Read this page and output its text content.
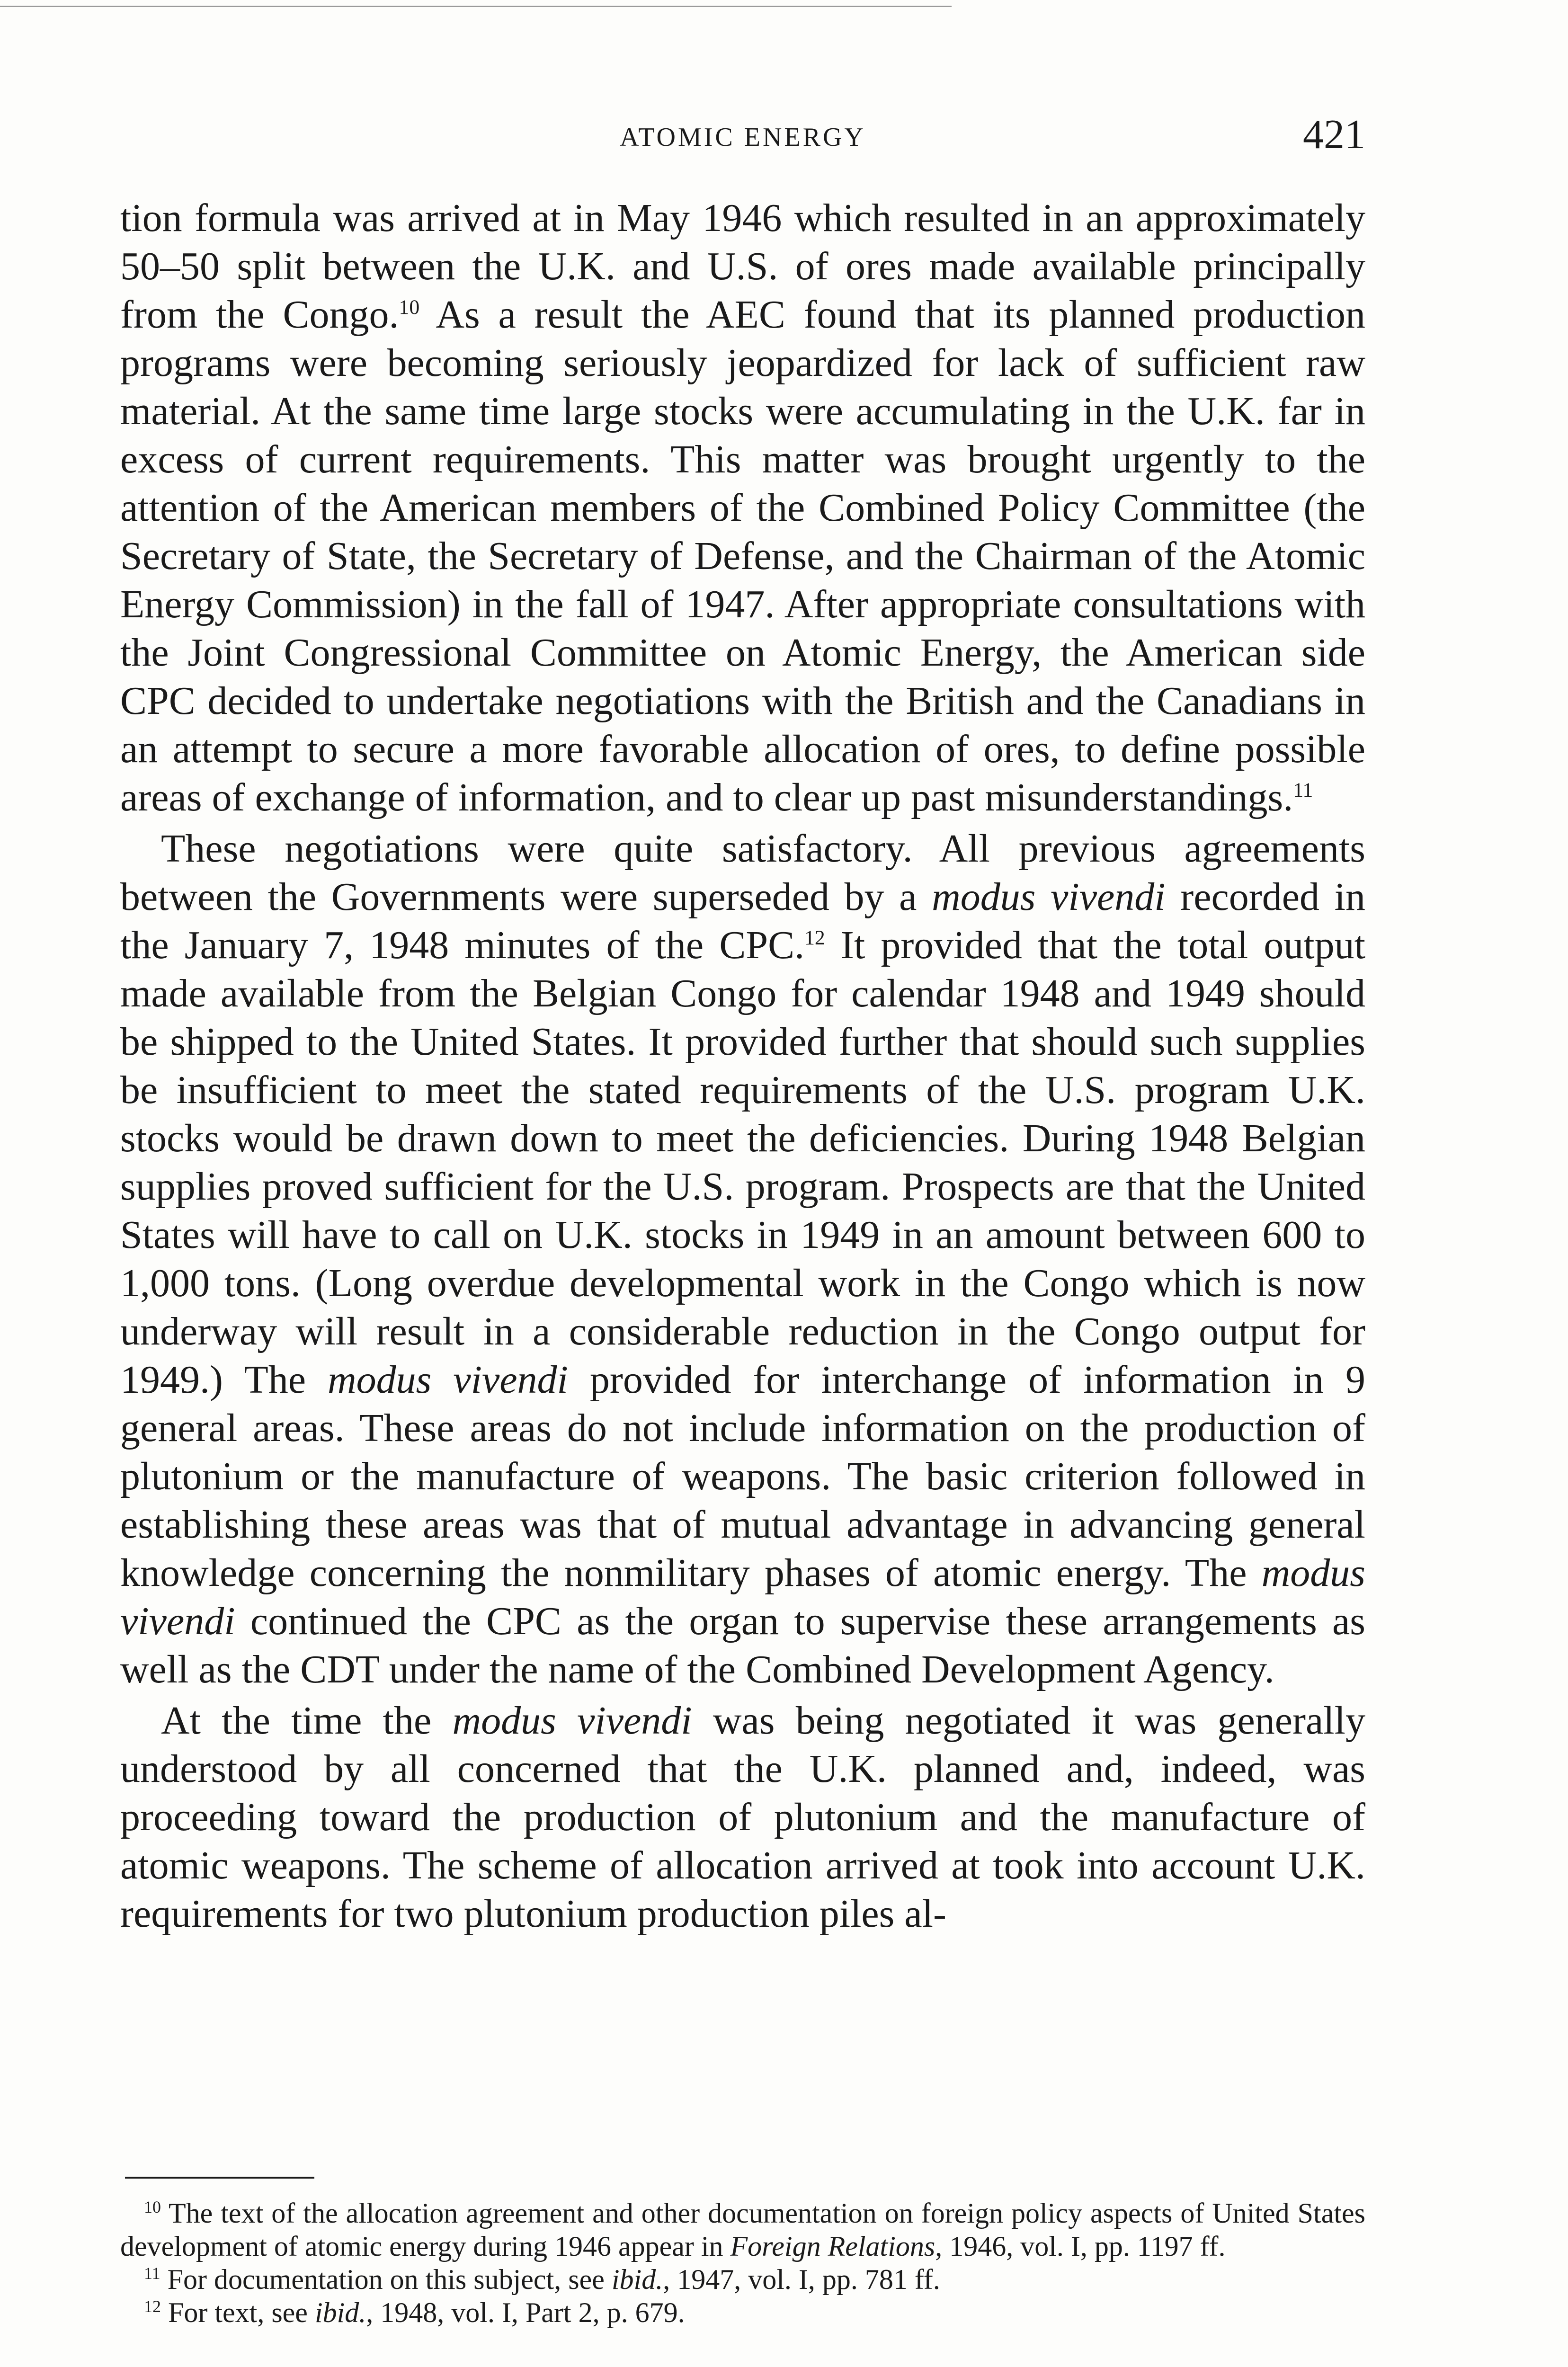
ATOMIC ENERGY	421

tion formula was arrived at in May 1946 which resulted in an approximately 50–50 split between the U.K. and U.S. of ores made available principally from the Congo.$^{10}$ As a result the AEC found that its planned production programs were becoming seriously jeopardized for lack of sufficient raw material. At the same time large stocks were accumulating in the U.K. far in excess of current requirements. This matter was brought urgently to the attention of the American members of the Combined Policy Committee (the Secretary of State, the Secretary of Defense, and the Chairman of the Atomic Energy Commission) in the fall of 1947. After appropriate consultations with the Joint Congressional Committee on Atomic Energy, the American side CPC decided to undertake negotiations with the British and the Canadians in an attempt to secure a more favorable allocation of ores, to define possible areas of exchange of information, and to clear up past misunderstandings.$^{11}$

These negotiations were quite satisfactory. All previous agreements between the Governments were superseded by a modus vivendi recorded in the January 7, 1948 minutes of the CPC.$^{12}$ It provided that the total output made available from the Belgian Congo for calendar 1948 and 1949 should be shipped to the United States. It provided further that should such supplies be insufficient to meet the stated requirements of the U.S. program U.K. stocks would be drawn down to meet the deficiencies. During 1948 Belgian supplies proved sufficient for the U.S. program. Prospects are that the United States will have to call on U.K. stocks in 1949 in an amount between 600 to 1,000 tons. (Long overdue developmental work in the Congo which is now underway will result in a considerable reduction in the Congo output for 1949.) The modus vivendi provided for interchange of information in 9 general areas. These areas do not include information on the production of plutonium or the manufacture of weapons. The basic criterion followed in establishing these areas was that of mutual advantage in advancing general knowledge concerning the nonmilitary phases of atomic energy. The modus vivendi continued the CPC as the organ to supervise these arrangements as well as the CDT under the name of the Combined Development Agency.

At the time the modus vivendi was being negotiated it was generally understood by all concerned that the U.K. planned and, indeed, was proceeding toward the production of plutonium and the manufacture of atomic weapons. The scheme of allocation arrived at took into account U.K. requirements for two plutonium production piles al-

$^{10}$ The text of the allocation agreement and other documentation on foreign policy aspects of United States development of atomic energy during 1946 appear in Foreign Relations, 1946, vol. I, pp. 1197 ff.

$^{11}$ For documentation on this subject, see ibid., 1947, vol. I, pp. 781 ff.

$^{12}$ For text, see ibid., 1948, vol. I, Part 2, p. 679.
